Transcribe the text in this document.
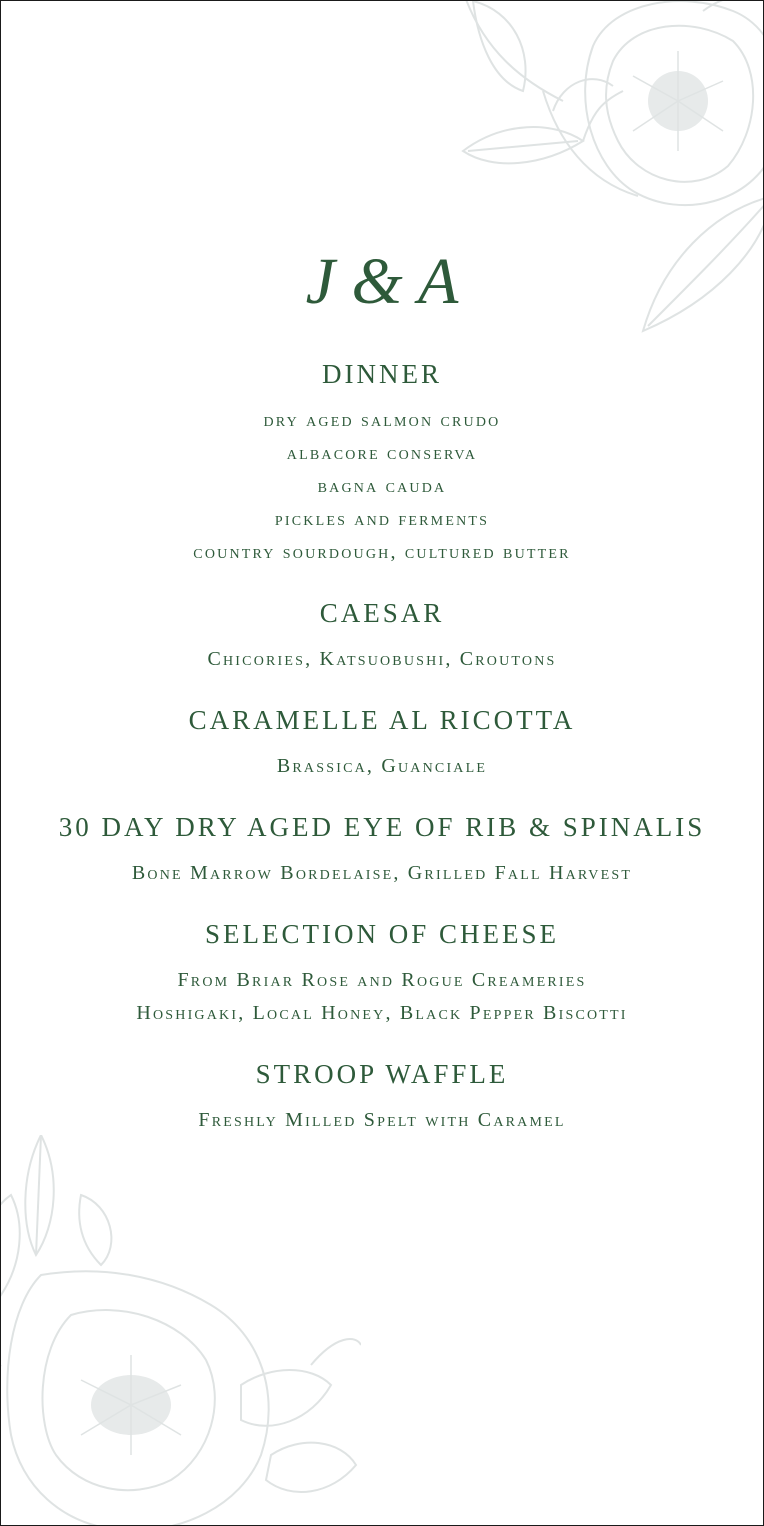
J & A
DINNER
dry aged salmon crudo
albacore conserva
bagna cauda
pickles and ferments
country sourdough, cultured butter
CAESAR
Chicories, Katsuobushi, Croutons
CARAMELLE AL RICOTTA
Brassica, Guanciale
30 DAY DRY AGED EYE OF RIB & SPINALIS
Bone Marrow Bordelaise, Grilled Fall Harvest
SELECTION OF CHEESE
From Briar Rose and Rogue Creameries
Hoshigaki, Local Honey, Black Pepper Biscotti
STROOP WAFFLE
Freshly Milled Spelt with Caramel
